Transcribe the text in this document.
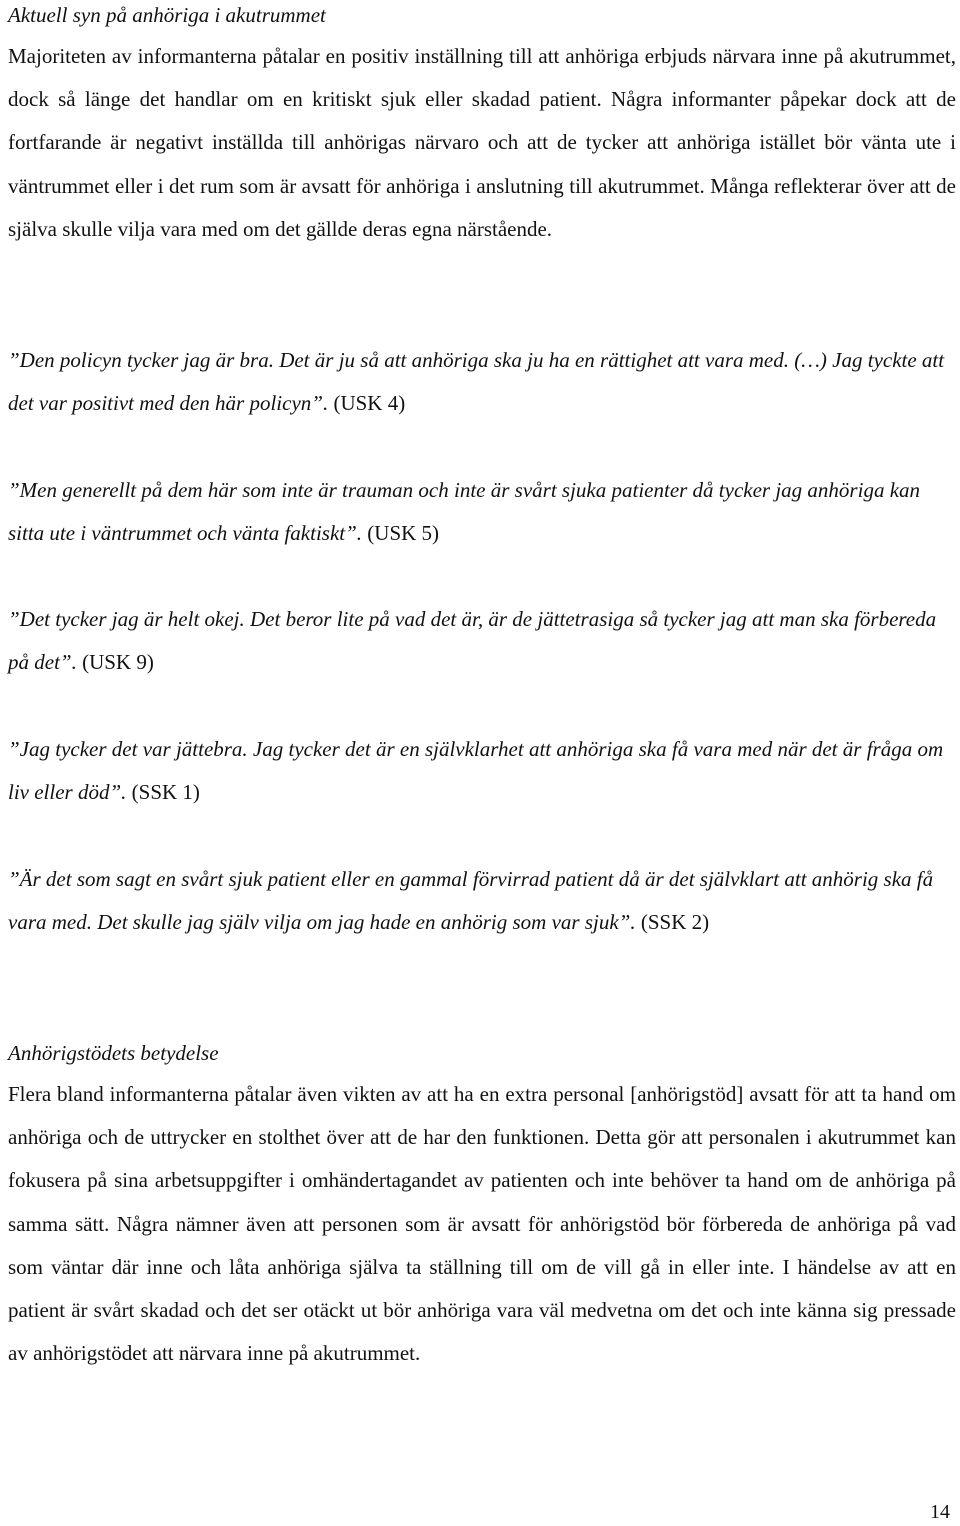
Aktuell syn på anhöriga i akutrummet

Majoriteten av informanterna påtalar en positiv inställning till att anhöriga erbjuds närvara inne på akutrummet, dock så länge det handlar om en kritiskt sjuk eller skadad patient. Några informanter påpekar dock att de fortfarande är negativt inställda till anhörigas närvaro och att de tycker att anhöriga istället bör vänta ute i väntrummet eller i det rum som är avsatt för anhöriga i anslutning till akutrummet. Många reflekterar över att de själva skulle vilja vara med om det gällde deras egna närstående.

”Den policyn tycker jag är bra. Det är ju så att anhöriga ska ju ha en rättighet att vara med. (…) Jag tyckte att det var positivt med den här policyn”. (USK 4)

”Men generellt på dem här som inte är trauman och inte är svårt sjuka patienter då tycker jag anhöriga kan sitta ute i väntrummet och vänta faktiskt”. (USK 5)

”Det tycker jag är helt okej. Det beror lite på vad det är, är de jättetrasiga så tycker jag att man ska förbereda på det”. (USK 9)

”Jag tycker det var jättebra. Jag tycker det är en självklarhet att anhöriga ska få vara med när det är fråga om liv eller död”. (SSK 1)

”Är det som sagt en svårt sjuk patient eller en gammal förvirrad patient då är det självklart att anhörig ska få vara med. Det skulle jag själv vilja om jag hade en anhörig som var sjuk”. (SSK 2)

Anhörigstödets betydelse

Flera bland informanterna påtalar även vikten av att ha en extra personal [anhörigstöd] avsatt för att ta hand om anhöriga och de uttrycker en stolthet över att de har den funktionen. Detta gör att personalen i akutrummet kan fokusera på sina arbetsuppgifter i omhändertagandet av patienten och inte behöver ta hand om de anhöriga på samma sätt. Några nämner även att personen som är avsatt för anhörigstöd bör förbereda de anhöriga på vad som väntar där inne och låta anhöriga själva ta ställning till om de vill gå in eller inte. I händelse av att en patient är svårt skadad och det ser otäckt ut bör anhöriga vara väl medvetna om det och inte känna sig pressade av anhörigstödet att närvara inne på akutrummet.

14
